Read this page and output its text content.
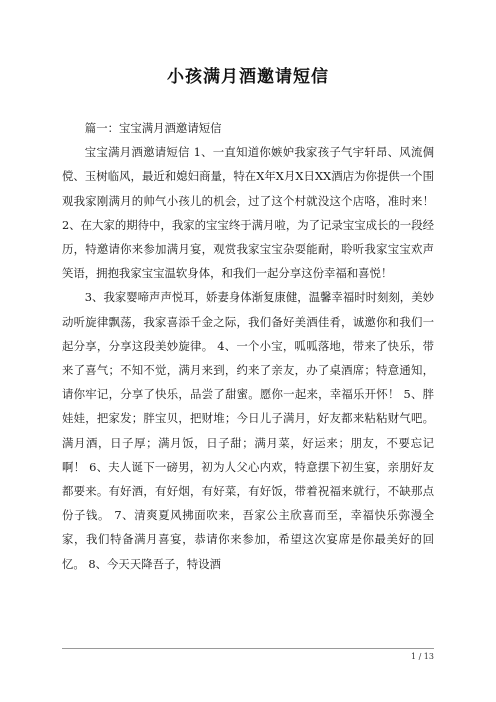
小孩满月酒邀请短信

篇一：宝宝满月酒邀请短信

宝宝满月酒邀请短信 1、一直知道你嫉妒我家孩子气宇轩昂、风流倜傥、玉树临风，最近和媳妇商量，特在X年X月X日XX酒店为你提供一个围观我家刚满月的帅气小孩儿的机会，过了这个村就没这个店咯，准时来！ 2、在大家的期待中，我家的宝宝终于满月啦，为了记录宝宝成长的一段经历，特邀请你来参加满月宴，观赏我家宝宝杂耍能耐，聆听我家宝宝欢声笑语，拥抱我家宝宝温软身体，和我们一起分享这份幸福和喜悦！

3、我家婴啼声声悦耳，娇妻身体渐复康健，温馨幸福时时刻刻，美妙动听旋律飘荡，我家喜添千金之际，我们备好美酒佳肴，诚邀你和我们一起分享，分享这段美妙旋律。 4、一个小宝，呱呱落地，带来了快乐，带来了喜气；不知不觉，满月来到，约来了亲友，办了桌酒席；特意通知，请你牢记，分享了快乐，品尝了甜蜜。愿你一起来，幸福乐开怀！ 5、胖娃娃，把家发；胖宝贝，把财堆；今日儿子满月，好友都来粘粘财气吧。满月酒，日子厚；满月饭，日子甜；满月菜，好运来；朋友，不要忘记啊！ 6、夫人诞下一磅男，初为人父心内欢，特意摆下初生宴，亲朋好友都要来。有好酒，有好烟，有好菜，有好饭，带着祝福来就行，不缺那点份子钱。 7、清爽夏风拂面吹来，吾家公主欣喜而至，幸福快乐弥漫全家，我们特备满月喜宴，恭请你来参加，希望这次宴席是你最美好的回忆。 8、今天天降吾子，特设酒

1 / 13
